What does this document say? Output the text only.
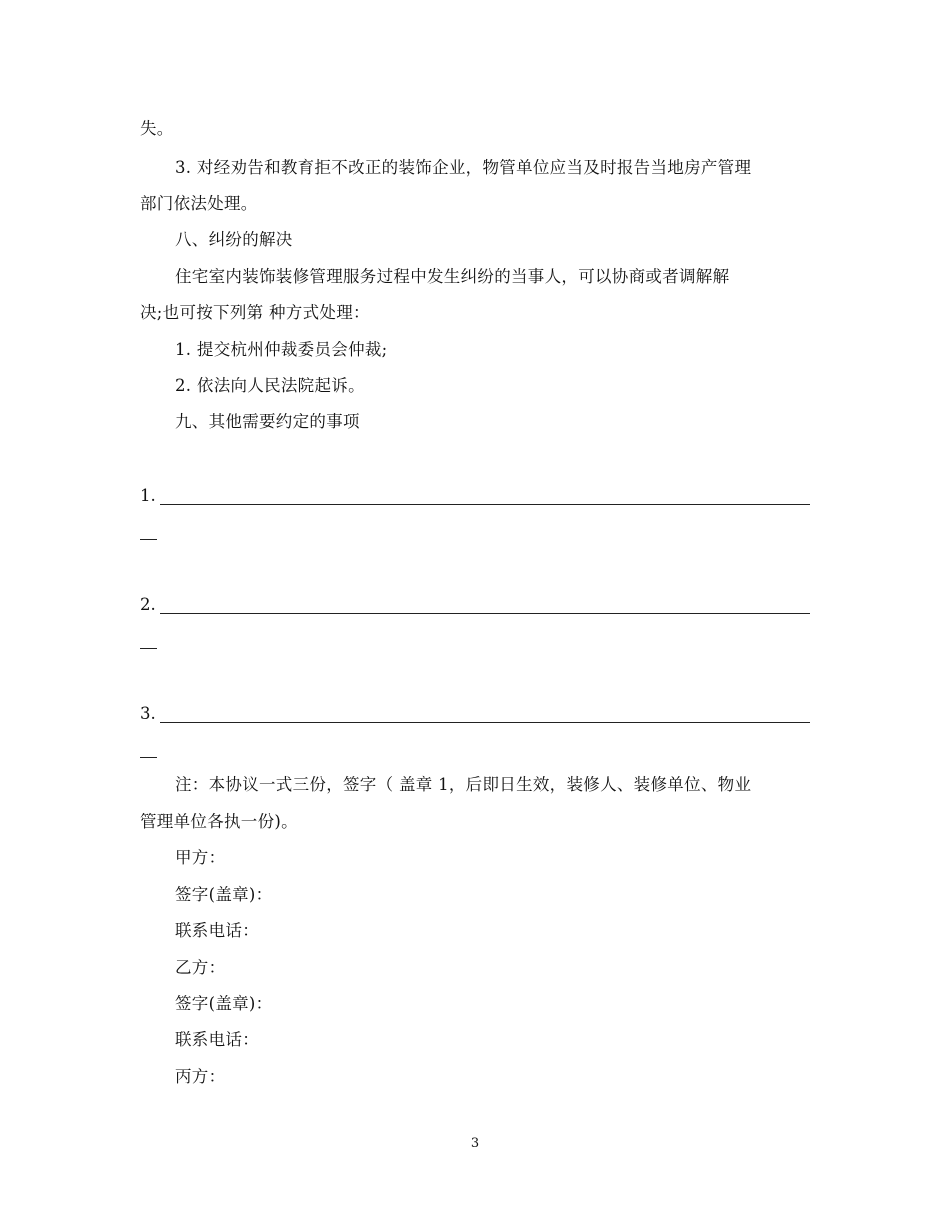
失。
3. 对经劝告和教育拒不改正的装饰企业，物管单位应当及时报告当地房产管理
部门依法处理。
八、纠纷的解决
住宅室内装饰装修管理服务过程中发生纠纷的当事人，可以协商或者调解解
决;也可按下列第 种方式处理：
1. 提交杭州仲裁委员会仲裁;
2. 依法向人民法院起诉。
九、其他需要约定的事项
1.
2.
3.
注：本协议一式三份，签字（ 盖章 1，后即日生效，装修人、装修单位、物业
管理单位各执一份)。
甲方：
签字(盖章)：
联系电话：
乙方：
签字(盖章)：
联系电话：
丙方：
3
